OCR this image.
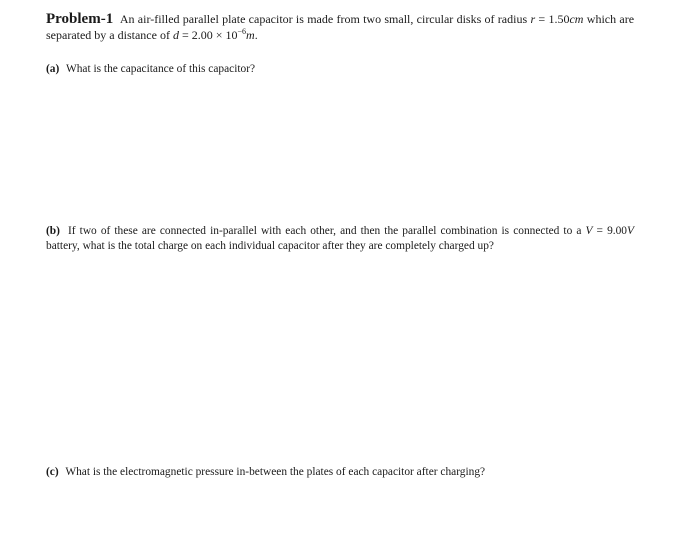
Problem-1 An air-filled parallel plate capacitor is made from two small, circular disks of radius r = 1.50cm which are separated by a distance of $d = 2.00 \times 10^{-6}m$.
(a) What is the capacitance of this capacitor?
(b) If two of these are connected in-parallel with each other, and then the parallel combination is connected to a V = 9.00V battery, what is the total charge on each individual capacitor after they are completely charged up?
(c) What is the electromagnetic pressure in-between the plates of each capacitor after charging?
